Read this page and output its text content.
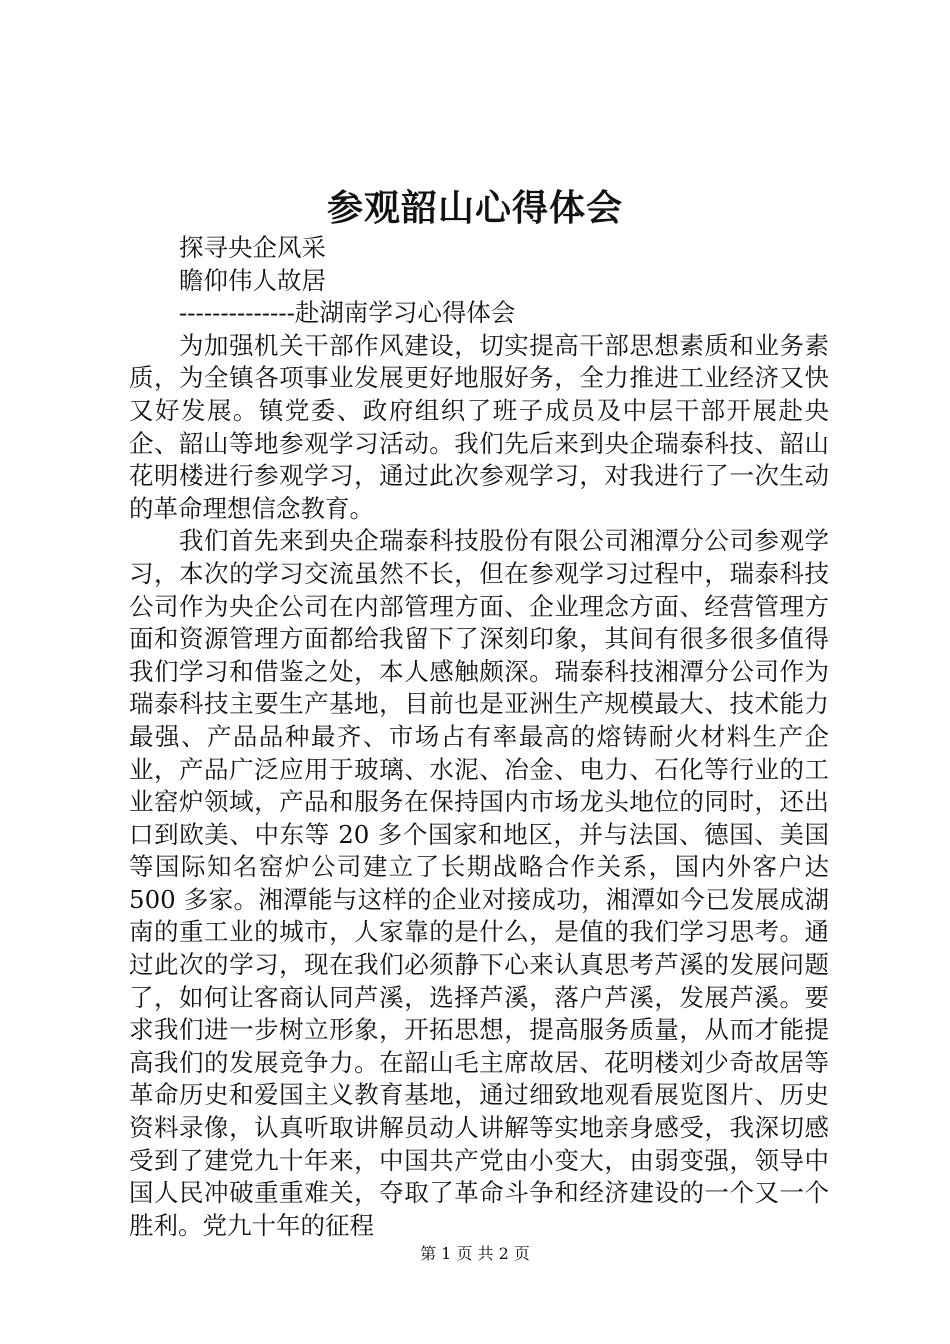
参观韶山心得体会

探寻央企风采

瞻仰伟人故居

--------------赴湖南学习心得体会

为加强机关干部作风建设，切实提高干部思想素质和业务素质，为全镇各项事业发展更好地服好务，全力推进工业经济又快又好发展。镇党委、政府组织了班子成员及中层干部开展赴央企、韶山等地参观学习活动。我们先后来到央企瑞泰科技、韶山花明楼进行参观学习，通过此次参观学习，对我进行了一次生动的革命理想信念教育。

我们首先来到央企瑞泰科技股份有限公司湘潭分公司参观学习，本次的学习交流虽然不长，但在参观学习过程中，瑞泰科技公司作为央企公司在内部管理方面、企业理念方面、经营管理方面和资源管理方面都给我留下了深刻印象，其间有很多很多值得我们学习和借鉴之处，本人感触颇深。瑞泰科技湘潭分公司作为瑞泰科技主要生产基地，目前也是亚洲生产规模最大、技术能力最强、产品品种最齐、市场占有率最高的熔铸耐火材料生产企业，产品广泛应用于玻璃、水泥、冶金、电力、石化等行业的工业窑炉领域，产品和服务在保持国内市场龙头地位的同时，还出口到欧美、中东等 20 多个国家和地区，并与法国、德国、美国等国际知名窑炉公司建立了长期战略合作关系，国内外客户达 500 多家。湘潭能与这样的企业对接成功，湘潭如今已发展成湖南的重工业的城市，人家靠的是什么，是值的我们学习思考。通过此次的学习，现在我们必须静下心来认真思考芦溪的发展问题了，如何让客商认同芦溪，选择芦溪，落户芦溪，发展芦溪。要求我们进一步树立形象，开拓思想，提高服务质量，从而才能提高我们的发展竞争力。在韶山毛主席故居、花明楼刘少奇故居等革命历史和爱国主义教育基地，通过细致地观看展览图片、历史资料录像，认真听取讲解员动人讲解等实地亲身感受，我深切感受到了建党九十年来，中国共产党由小变大，由弱变强，领导中国人民冲破重重难关，夺取了革命斗争和经济建设的一个又一个胜利。党九十年的征程

第 1 页 共 2 页
